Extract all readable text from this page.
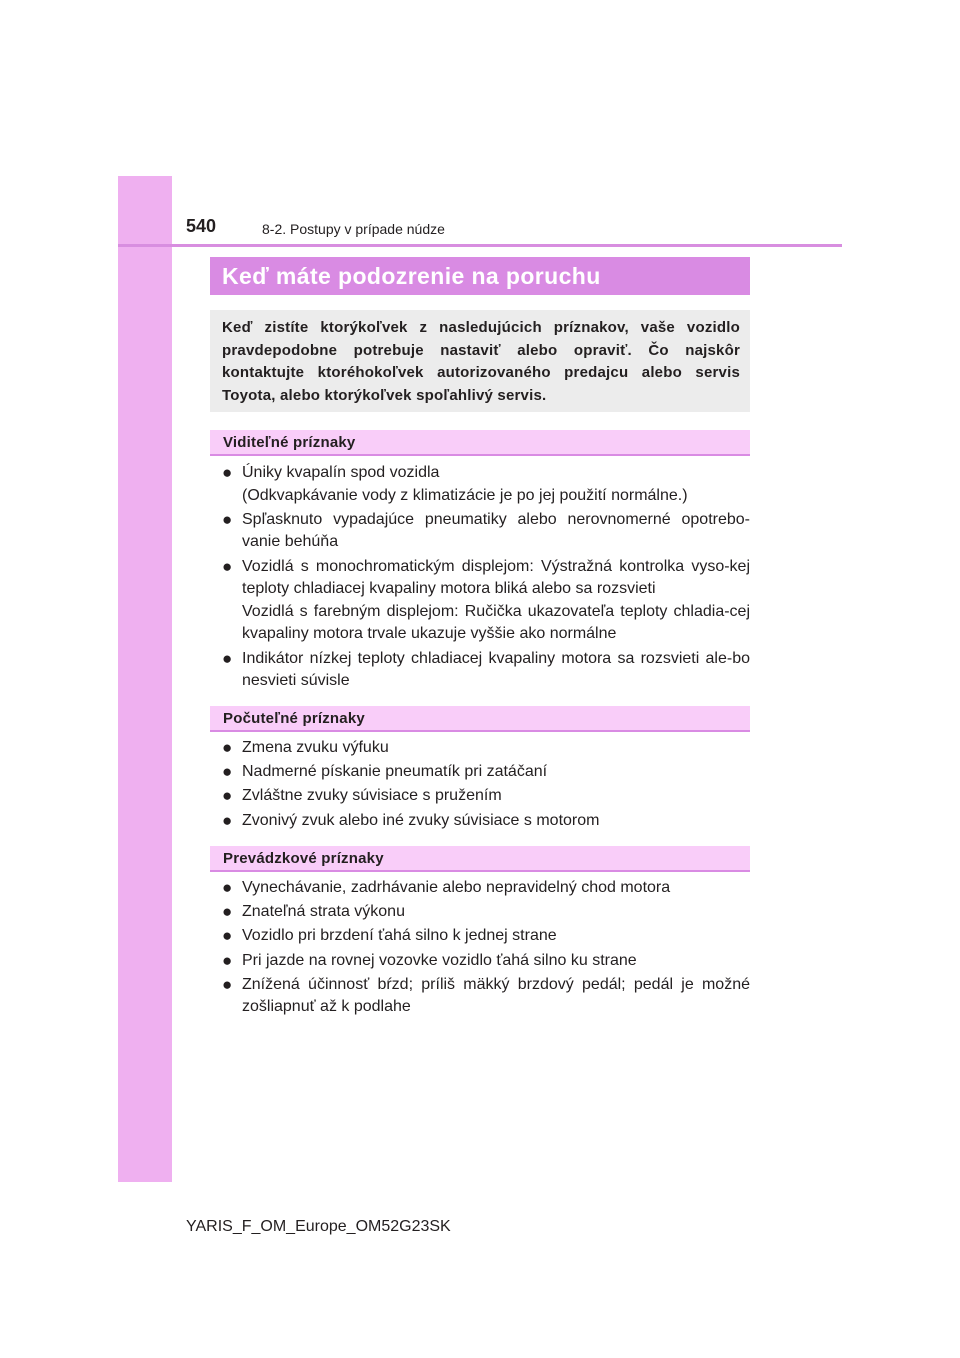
540	8-2. Postupy v prípade núdze
Keď máte podozrenie na poruchu
Keď zistíte ktorýkoľvek z nasledujúcich príznakov, vaše vozidlo pravdepodobne potrebuje nastaviť alebo opraviť. Čo najskôr kontaktujte ktoréhokoľvek autorizovaného predajcu alebo servis Toyota, alebo ktorýkoľvek spoľahlivý servis.
Viditeľné príznaky
● Úniky kvapalín spod vozidla
(Odkvapkávanie vody z klimatizácie je po jej použití normálne.)
● Spľasknuto vypadajúce pneumatiky alebo nerovnomerné opotrebo-vanie behúňa
● Vozidlá s monochromatickým displejom: Výstražná kontrolka vyso-kej teploty chladiacej kvapaliny motora bliká alebo sa rozsvieti
Vozidlá s farebným displejom: Ručička ukazovateľa teploty chladia-cej kvapaliny motora trvale ukazuje vyššie ako normálne
● Indikátor nízkej teploty chladiacej kvapaliny motora sa rozsvieti ale-bo nesvieti súvisle
Počuteľné príznaky
● Zmena zvuku výfuku
● Nadmerné pískanie pneumatík pri zatáčaní
● Zvláštne zvuky súvisiace s pružením
● Zvonivý zvuk alebo iné zvuky súvisiace s motorom
Prevádzkové príznaky
● Vynechávanie, zadrhávanie alebo nepravidelný chod motora
● Znateľná strata výkonu
● Vozidlo pri brzdení ťahá silno k jednej strane
● Pri jazde na rovnej vozovke vozidlo ťahá silno ku strane
● Znížená účinnosť bŕzd; príliš mäkký brzdový pedál; pedál je možné zošliapnuť až k podlahe
YARIS_F_OM_Europe_OM52G23SK
